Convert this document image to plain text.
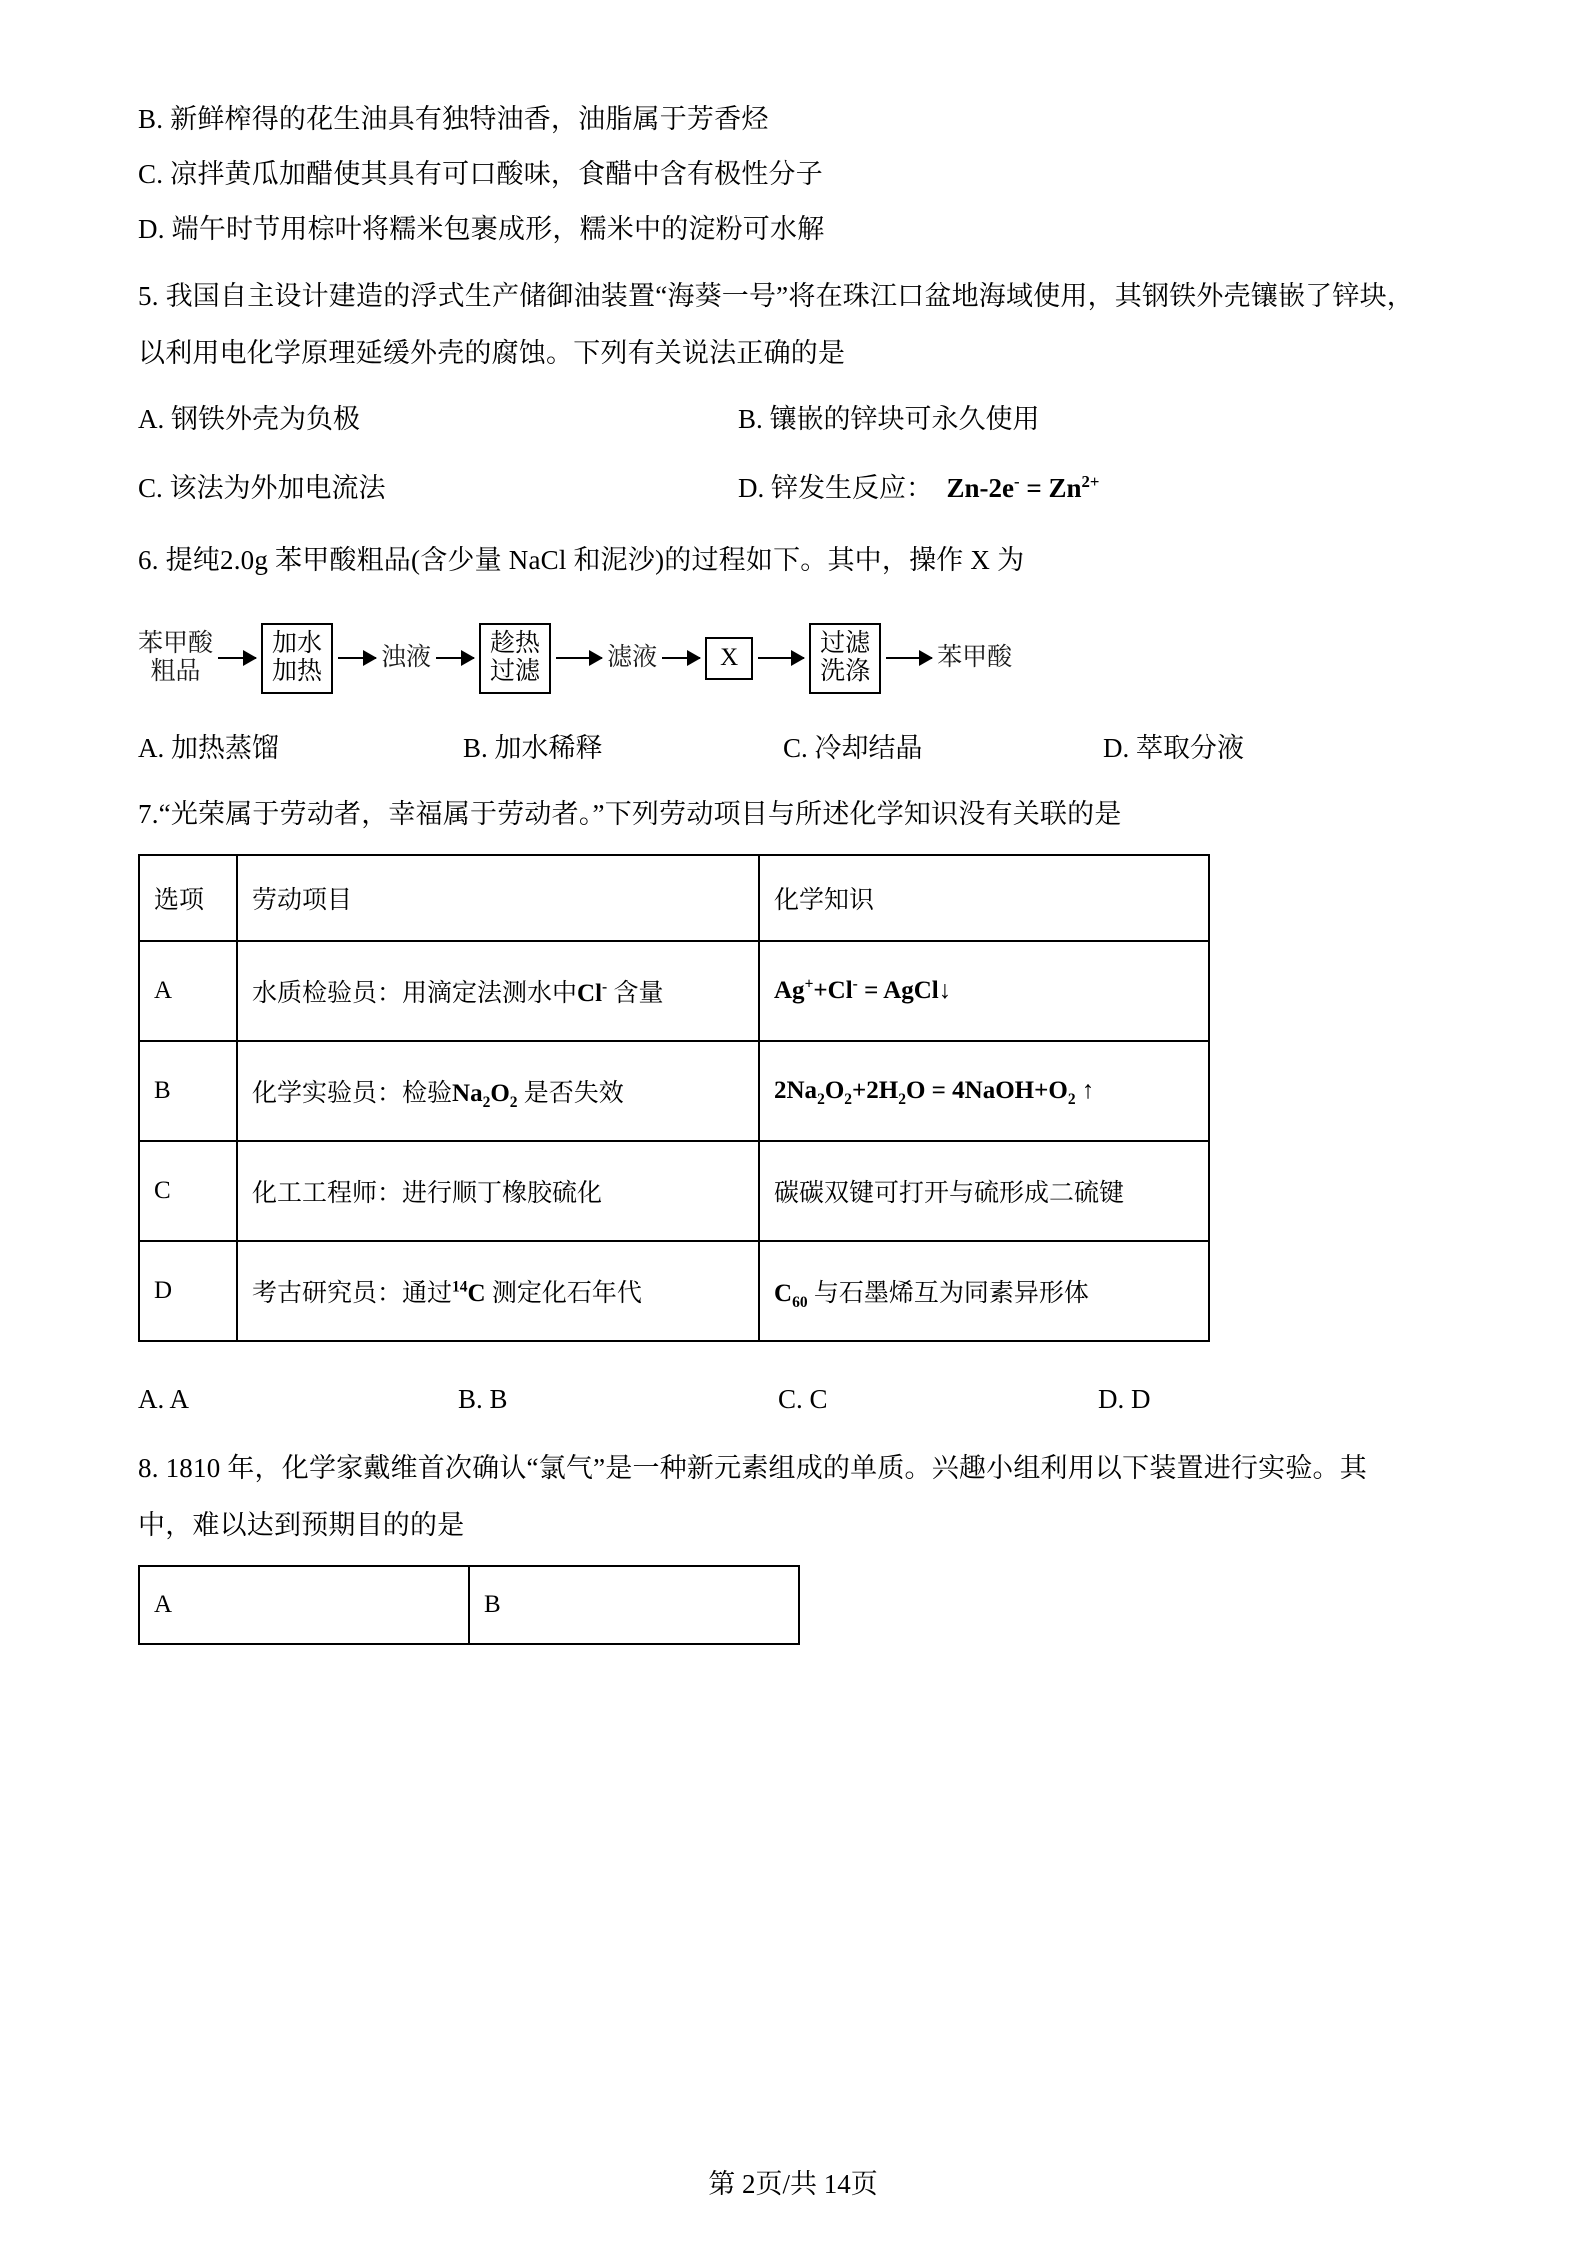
B. 新鲜榨得的花生油具有独特油香，油脂属于芳香烃
C. 凉拌黄瓜加醋使其具有可口酸味，食醋中含有极性分子
D. 端午时节用棕叶将糯米包裹成形，糯米中的淀粉可水解
5. 我国自主设计建造的浮式生产储御油装置“海葵一号”将在珠江口盆地海域使用，其钢铁外壳镶嵌了锌块，
以利用电化学原理延缓外壳的腐蚀。下列有关说法正确的是
A. 钢铁外壳为负极	B. 镶嵌的锌块可永久使用
C. 该法为外加电流法	D. 锌发生反应：  $Zn-2e^- = Zn^{2+}$
6. 提纯2.0g 苯甲酸粗品(含少量 NaCl 和泥沙)的过程如下。其中，操作 X 为
苯甲酸
粗品
加水
加热 浊液
趁热
过滤	滤液	X
过滤
洗涤	苯甲酸
A. 加热蒸馏	B. 加水稀释	C. 冷却结晶	D. 萃取分液
7.“光荣属于劳动者，幸福属于劳动者。”下列劳动项目与所述化学知识没有关联的是
选项	劳动项目	化学知识
A	水质检验员：用滴定法测水中Cl- 含量	Ag++Cl- = AgCl↓
B	化学实验员：检验$Na_2O_2$ 是否失效	$2Na_2O_2+2H_2O$ = $4NaOH+O_2$ ↑
C	化工工程师：进行顺丁橡胶硫化	碳碳双键可打开与硫形成二硫键
D	考古研究员：通过$^{14}$C 测定化石年代	$C_{60}$ 与石墨烯互为同素异形体
A. A	B. B	C. C	D. D
8. 1810 年，化学家戴维首次确认“氯气”是一种新元素组成的单质。兴趣小组利用以下装置进行实验。其
中，难以达到预期目的的是
A	B
第 2页/共 14页
